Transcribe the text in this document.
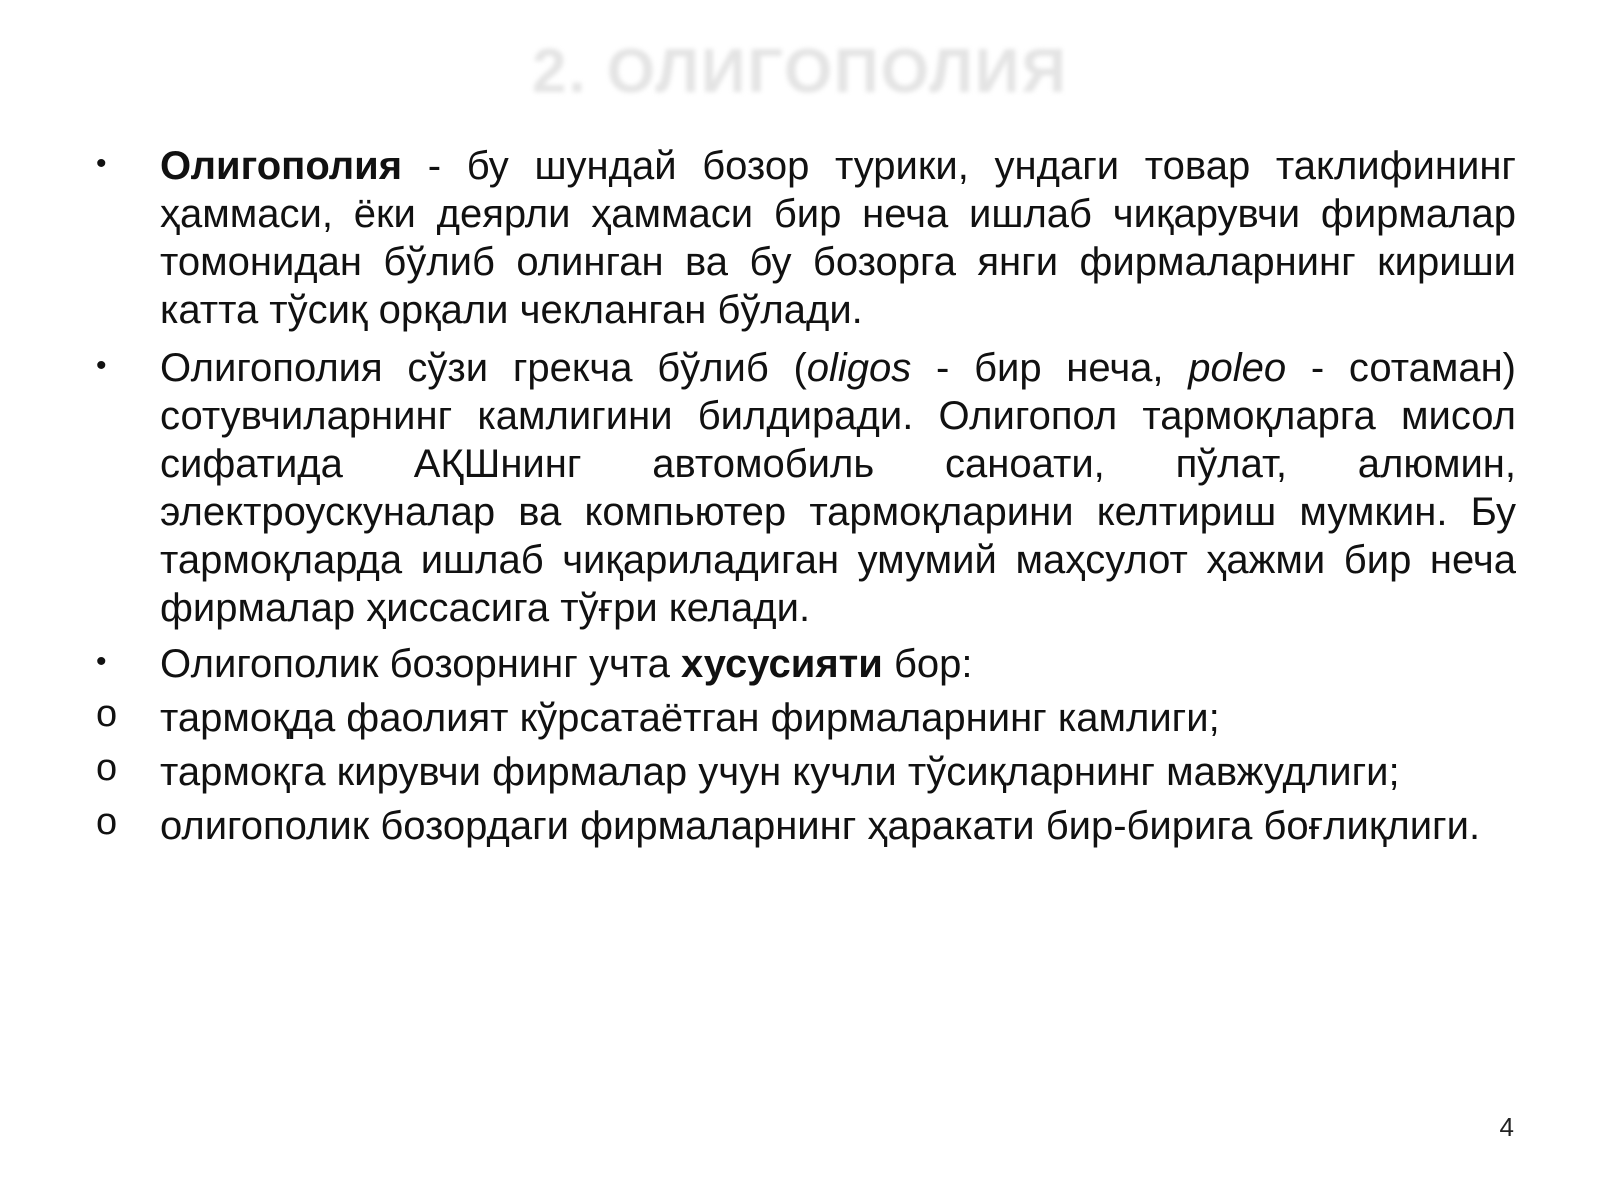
2. ОЛИГОПОЛИЯ
•	Олигополия - бу шундай бозор турики, ундаги товар таклифининг ҳаммаси, ёки деярли ҳаммаси бир неча ишлаб чиқарувчи фирмалар томонидан бўлиб олинган ва бу бозорга янги фирмаларнинг кириши катта тўсиқ орқали чекланган бўлади.
•	Олигополия сўзи грекча бўлиб (oligos - бир неча, poleo - сотаман) сотувчиларнинг камлигини билдиради. Олигопол тармоқларга мисол сифатида АҚШнинг автомобиль саноати, пўлат, алюмин, электроускуналар ва компьютер тармоқларини келтириш мумкин. Бу тармоқларда ишлаб чиқариладиган умумий маҳсулот ҳажми бир неча фирмалар ҳиссасига тўғри келади.
•	Олигополик бозорнинг учта хусусияти бор:
o	тармоқда фаолият кўрсатаётган фирмаларнинг камлиги;
o	тармоқга кирувчи фирмалар учун кучли тўсиқларнинг мавжудлиги;
o	олигополик бозордаги фирмаларнинг ҳаракати бир-бирига боғлиқлиги.
4
